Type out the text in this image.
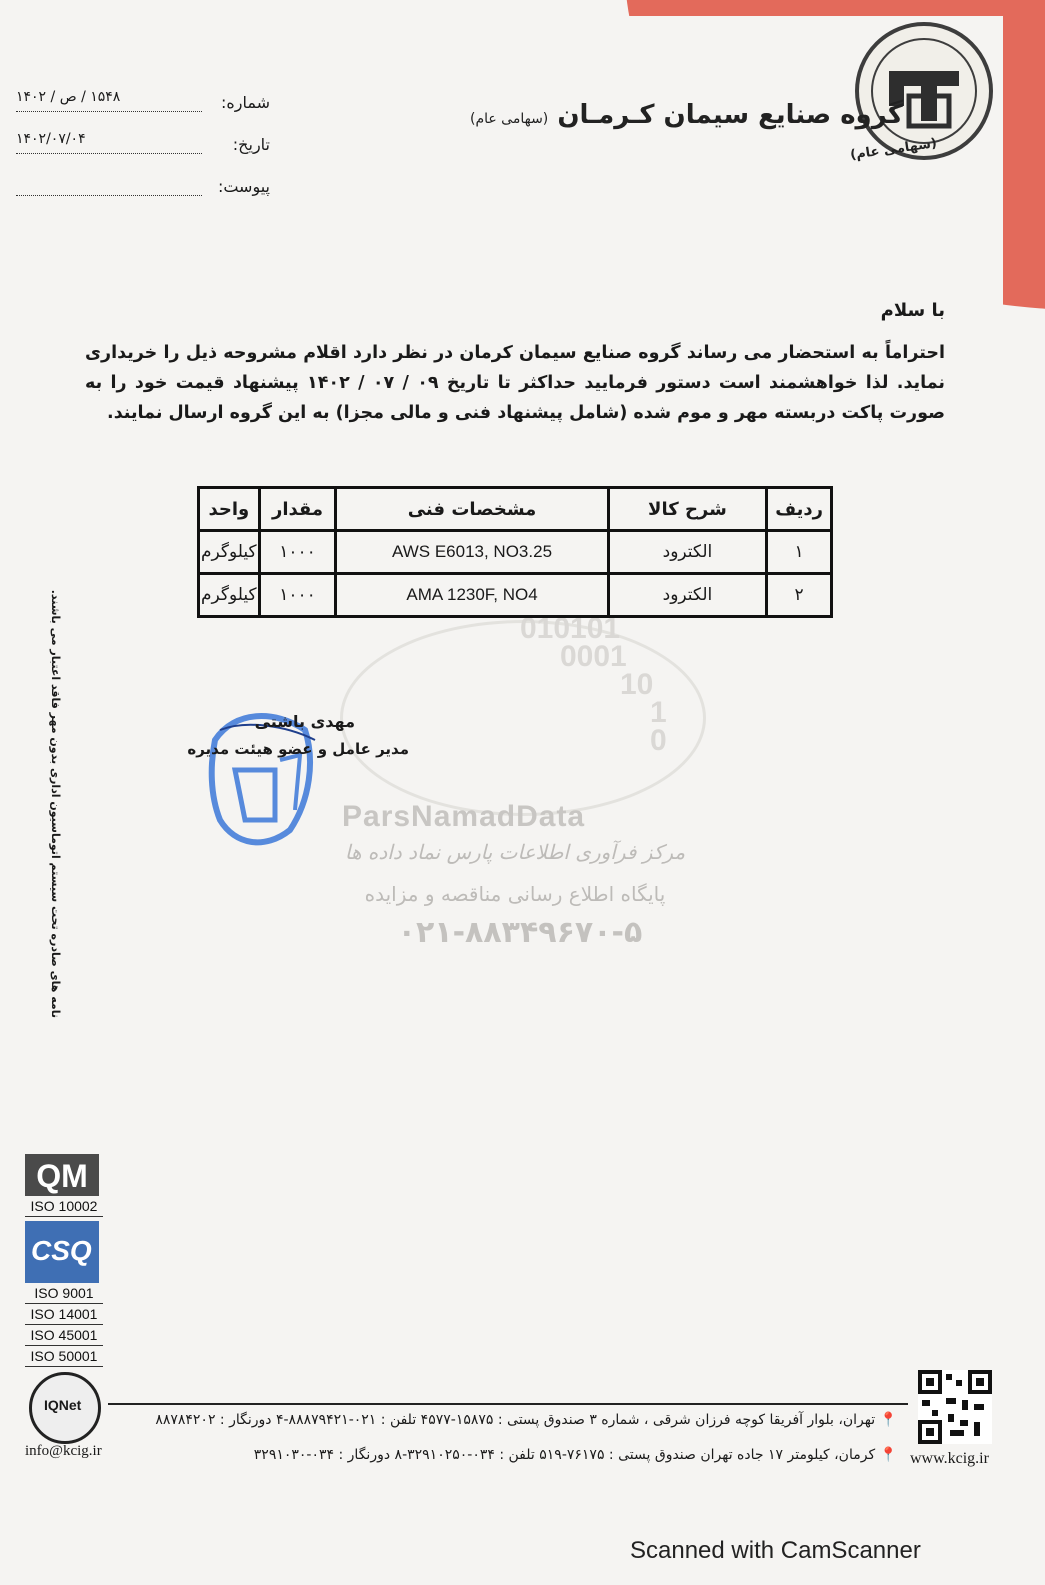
گروه صنایع سیمان کـرمـان (سهامی عام)
(سهامی عام)
شماره:
۱۵۴۸ / ص / ۱۴۰۲
تاریخ:
۱۴۰۲/۰۷/۰۴
پیوست:
با سلام
احتراماً به استحضار می رساند گروه صنایع سیمان کرمان در نظر دارد اقلام مشروحه ذیل را خریداری نماید. لذا خواهشمند است دستور فرمایید حداکثر تا تاریخ ۰۹ / ۰۷ / ۱۴۰۲ پیشنهاد قیمت خود را به صورت پاکت دربسته مهر و موم شده (شامل پیشنهاد فنی و مالی مجزا) به این گروه ارسال نمایند.
010101
0001
10
1
0
ParsNamadData
مرکز فرآوری اطلاعات پارس نماد داده ها
پایگاه اطلاع رسانی مناقصه و مزایده
۰۲۱-۸۸۳۴۹۶۷۰-۵
ردیف	شرح کالا	مشخصات فنی	مقدار	واحد
۱	الکترود	AWS E6013, NO3.25	۱۰۰۰	کیلوگرم
۲	الکترود	AMA 1230F, NO4	۱۰۰۰	کیلوگرم
مهدی باشتی
مدیر عامل و عضو هیئت مدیره
نامه های صادره تحت سیستم اتوماسیون اداری بدون مهر فاقد اعتبار می باشند.
QM
ISO 10002
CSQ
ISO 9001
ISO 14001
ISO 45001
ISO 50001
IQNet
📍 تهران، بلوار آفریقا کوچه فرزان شرقی ، شماره ۳ صندوق پستی : ۱۵۸۷۵-۴۵۷۷ تلفن : ۰۲۱-۸۸۸۷۹۴۲۱-۴ دورنگار : ۸۸۷۸۴۲۰۲
📍 کرمان، کیلومتر ۱۷ جاده تهران صندوق پستی : ۷۶۱۷۵-۵۱۹ تلفن : ۰۳۴-۳۲۹۱۰۲۵۰-۸ دورنگار : ۰۳۴-۳۲۹۱۰۳۰
info@kcig.ir	www.kcig.ir
Scanned with CamScanner
